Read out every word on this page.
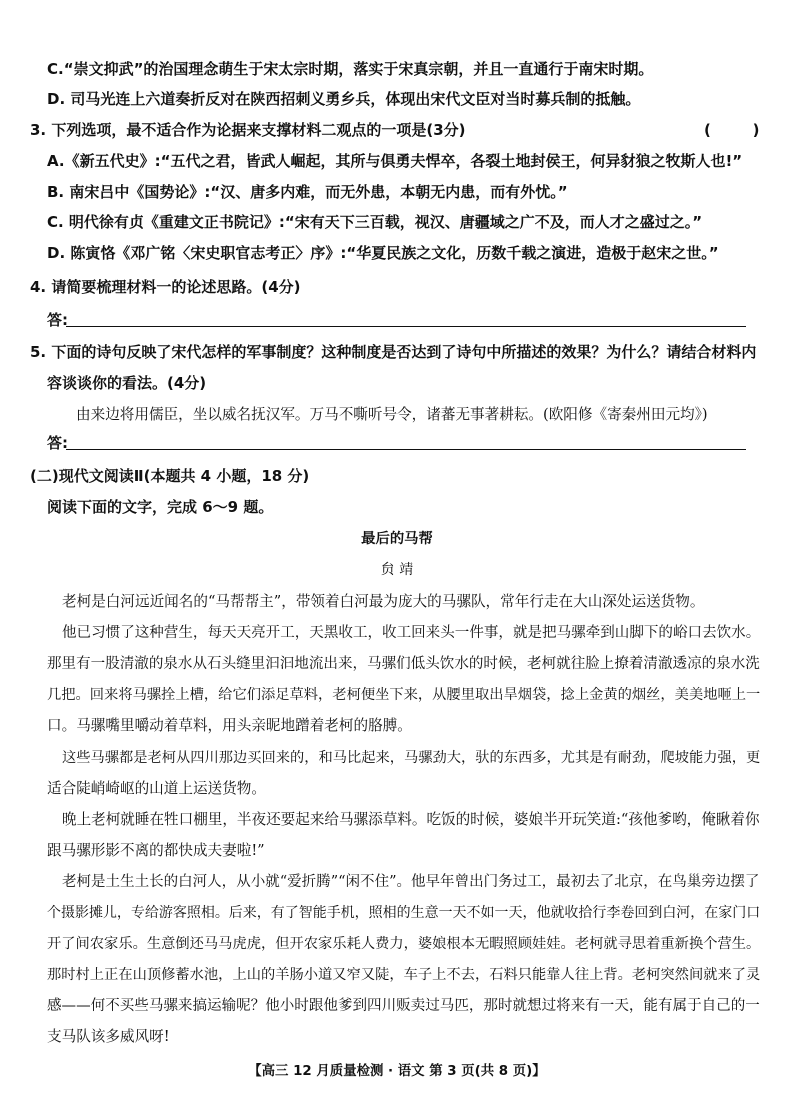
C.“崇文抑武”的治国理念萌生于宋太宗时期，落实于宋真宗朝，并且一直通行于南宋时期。
D. 司马光连上六道奏折反对在陕西招刺义勇乡兵，体现出宋代文臣对当时募兵制的抵触。
3. 下列选项，最不适合作为论据来支撑材料二观点的一项是(3分)	(        )
A.《新五代史》:“五代之君，皆武人崛起，其所与俱勇夫悍卒，各裂土地封侯王，何异豺狼之牧斯人也!”
B. 南宋吕中《国势论》:“汉、唐多内难，而无外患，本朝无内患，而有外忧。”
C. 明代徐有贞《重建文正书院记》:“宋有天下三百载，视汉、唐疆域之广不及，而人才之盛过之。”
D. 陈寅恪《邓广铭〈宋史职官志考正〉序》:“华夏民族之文化，历数千载之演进，造极于赵宋之世。”
4. 请简要梳理材料一的论述思路。(4分)
答:
5. 下面的诗句反映了宋代怎样的军事制度？这种制度是否达到了诗句中所描述的效果？为什么？请结合材料内
容谈谈你的看法。(4分)
由来边将用儒臣，坐以威名抚汉军。万马不嘶听号令，诸蕃无事著耕耘。(欧阳修《寄秦州田元均》)
答:
(二)现代文阅读Ⅱ(本题共 4 小题，18 分)
阅读下面的文字，完成 6～9 题。
最后的马帮
贠 靖
老柯是白河远近闻名的“马帮帮主”，带领着白河最为庞大的马骡队，常年行走在大山深处运送货物。
他已习惯了这种营生，每天天亮开工，天黑收工，收工回来头一件事，就是把马骡牵到山脚下的峪口去饮水。
那里有一股清澈的泉水从石头缝里汩汩地流出来，马骡们低头饮水的时候，老柯就往脸上撩着清澈透凉的泉水洗
几把。回来将马骡拴上槽，给它们添足草料，老柯便坐下来，从腰里取出旱烟袋，捻上金黄的烟丝，美美地咂上一
口。马骡嘴里嚼动着草料，用头亲昵地蹭着老柯的胳膊。
这些马骡都是老柯从四川那边买回来的，和马比起来，马骡劲大，驮的东西多，尤其是有耐劲，爬坡能力强，更
适合陡峭崎岖的山道上运送货物。
晚上老柯就睡在牲口棚里，半夜还要起来给马骡添草料。吃饭的时候，婆娘半开玩笑道:“孩他爹哟，俺瞅着你
跟马骡形影不离的都快成夫妻啦!”
老柯是土生土长的白河人，从小就“爱折腾”“闲不住”。他早年曾出门务过工，最初去了北京，在鸟巢旁边摆了
个摄影摊儿，专给游客照相。后来，有了智能手机，照相的生意一天不如一天，他就收拾行李卷回到白河，在家门口
开了间农家乐。生意倒还马马虎虎，但开农家乐耗人费力，婆娘根本无暇照顾娃娃。老柯就寻思着重新换个营生。
那时村上正在山顶修蓄水池，上山的羊肠小道又窄又陡，车子上不去，石料只能靠人往上背。老柯突然间就来了灵
感——何不买些马骡来搞运输呢？他小时跟他爹到四川贩卖过马匹，那时就想过将来有一天，能有属于自己的一
支马队该多威风呀!
【高三 12 月质量检测 · 语文 第 3 页(共 8 页)】
